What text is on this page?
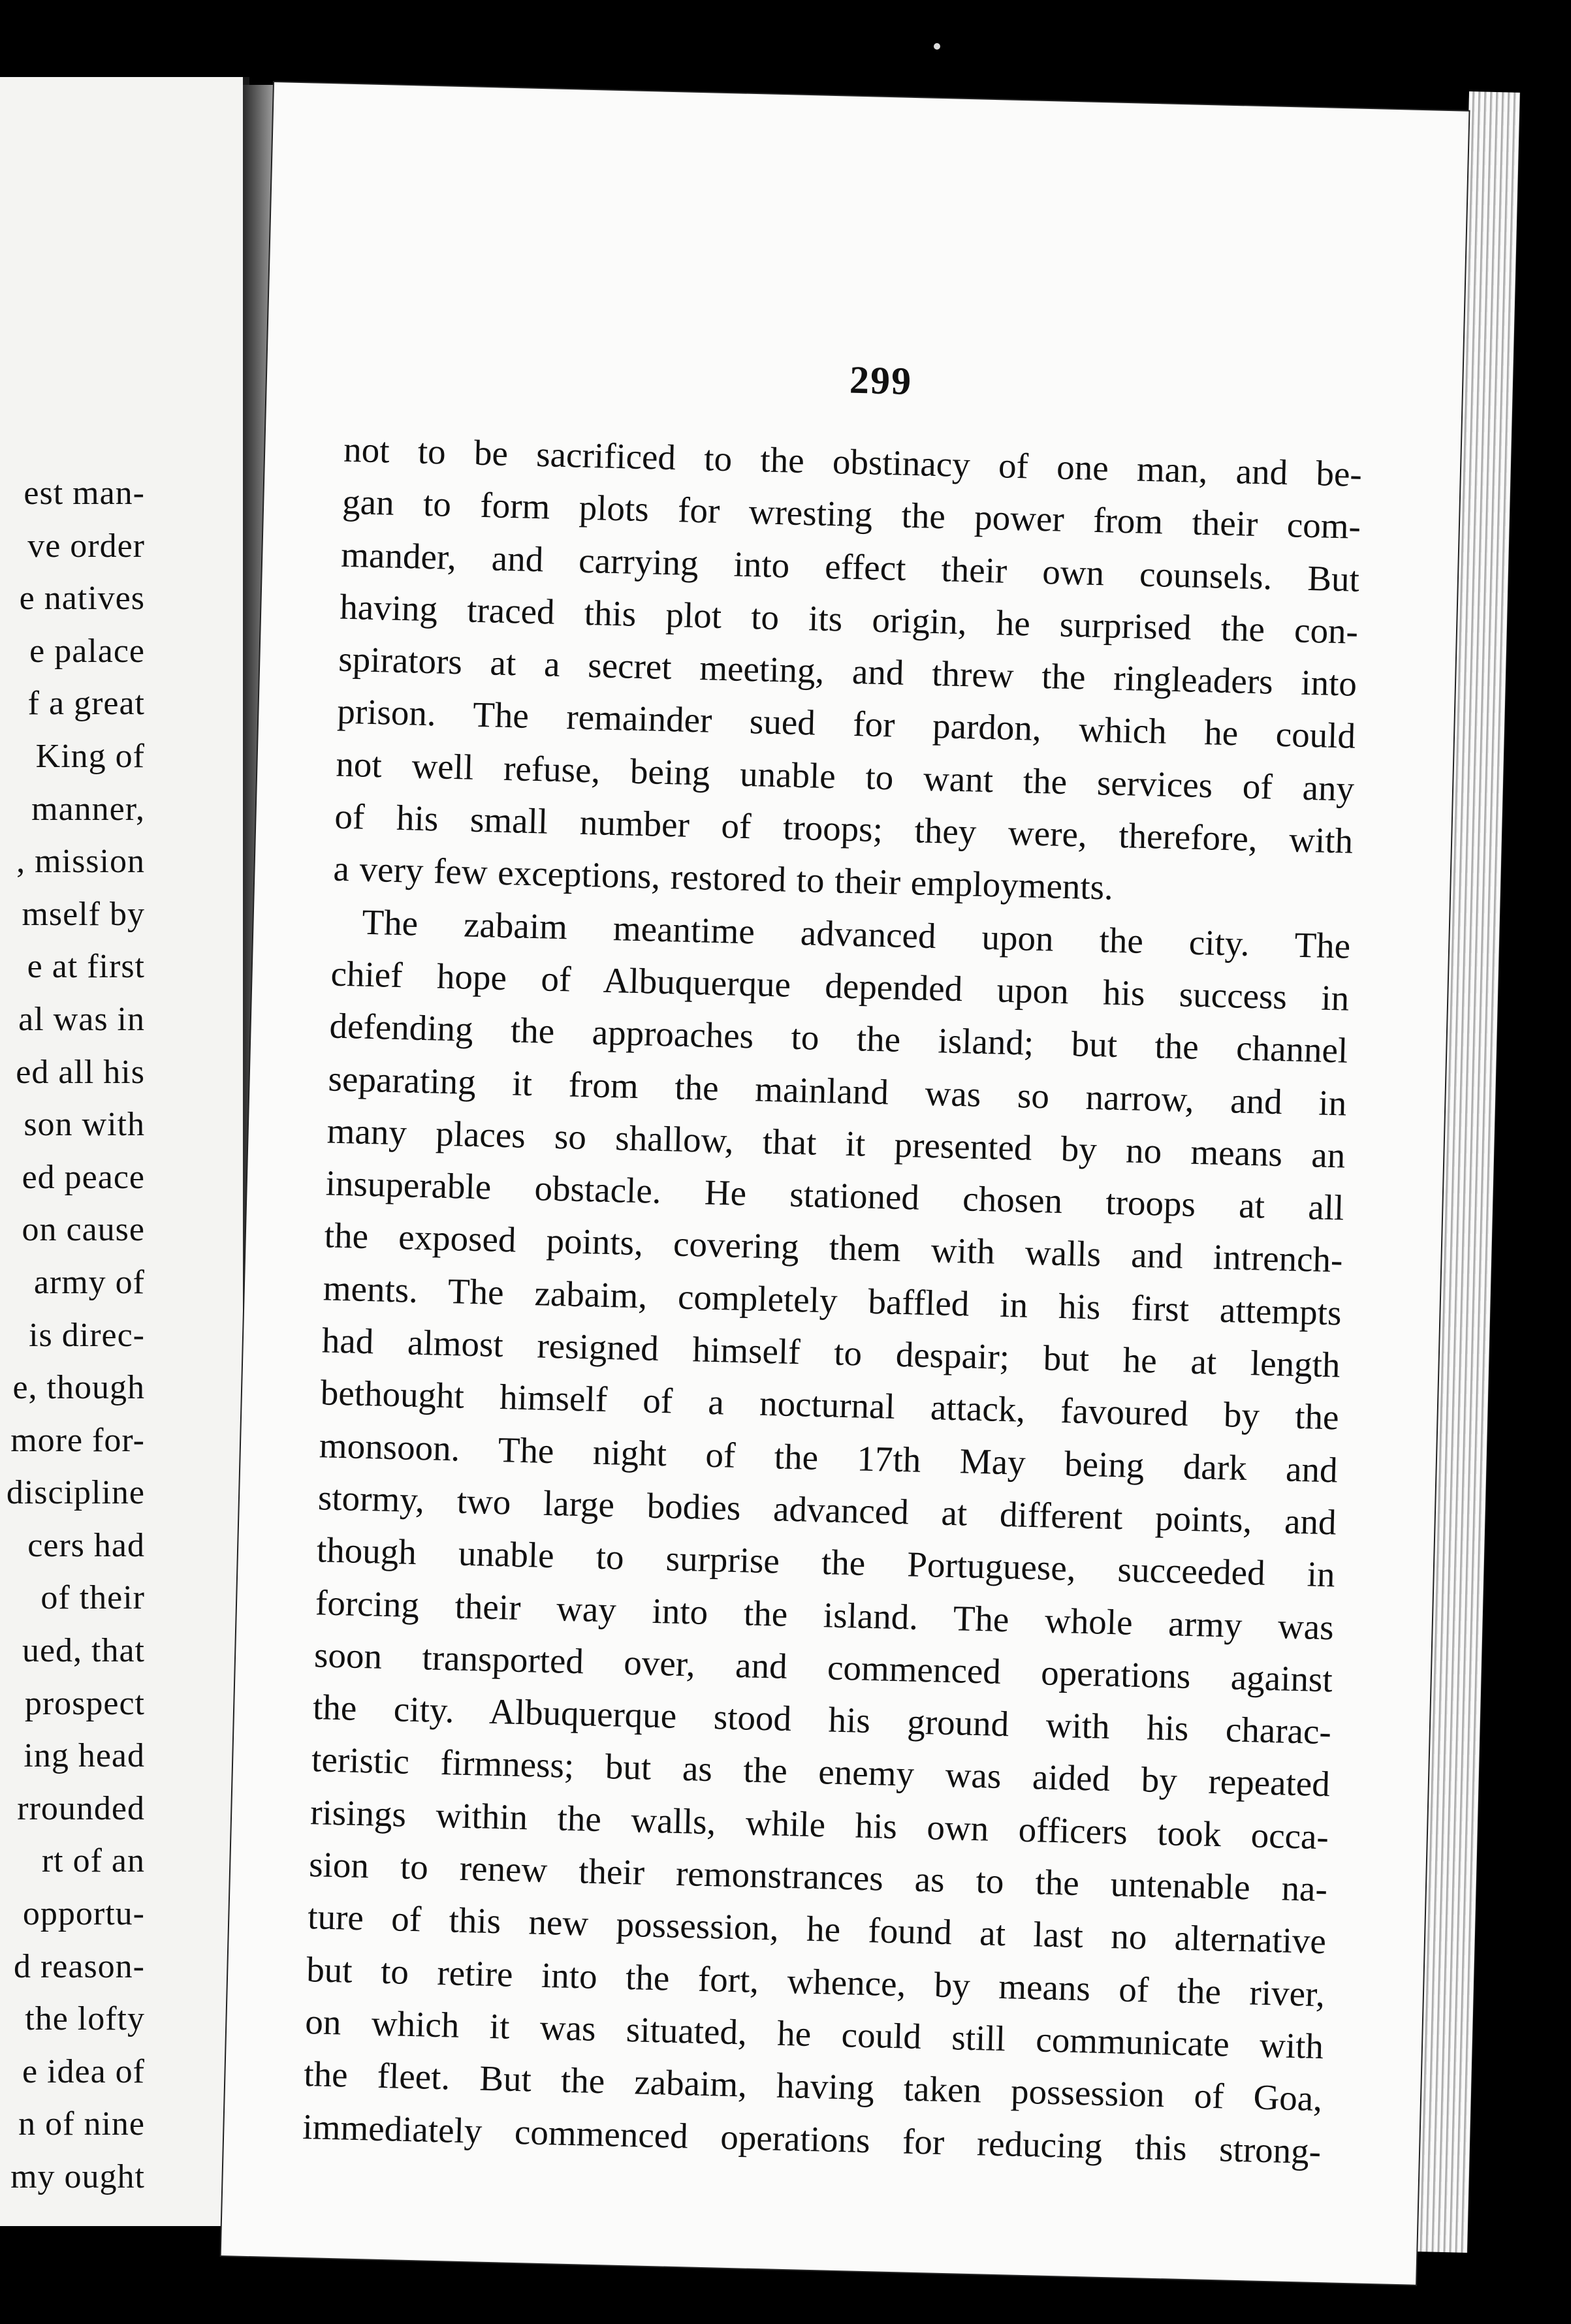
est man-
ve order
e natives
e palace
f a great
King of
manner,
, mission
mself by
e at first
al was in
ed all his
son with
ed peace
on cause
army of
is direc-
e, though
more for-
discipline
cers had
of their
ued, that
prospect
ing head
rrounded
rt of an
opportu-
d reason-
the lofty
e idea of
n of nine
my ought
299
not to be sacrificed to the obstinacy of one man, and be-
gan to form plots for wresting the power from their com-
mander, and carrying into effect their own counsels. But
having traced this plot to its origin, he surprised the con-
spirators at a secret meeting, and threw the ringleaders into
prison. The remainder sued for pardon, which he could
not well refuse, being unable to want the services of any
of his small number of troops; they were, therefore, with
a very few exceptions, restored to their employments.
The zabaim meantime advanced upon the city. The
chief hope of Albuquerque depended upon his success in
defending the approaches to the island; but the channel
separating it from the mainland was so narrow, and in
many places so shallow, that it presented by no means an
insuperable obstacle. He stationed chosen troops at all
the exposed points, covering them with walls and intrench-
ments. The zabaim, completely baffled in his first attempts
had almost resigned himself to despair; but he at length
bethought himself of a nocturnal attack, favoured by the
monsoon. The night of the 17th May being dark and
stormy, two large bodies advanced at different points, and
though unable to surprise the Portuguese, succeeded in
forcing their way into the island. The whole army was
soon transported over, and commenced operations against
the city. Albuquerque stood his ground with his charac-
teristic firmness; but as the enemy was aided by repeated
risings within the walls, while his own officers took occa-
sion to renew their remonstrances as to the untenable na-
ture of this new possession, he found at last no alternative
but to retire into the fort, whence, by means of the river,
on which it was situated, he could still communicate with
the fleet. But the zabaim, having taken possession of Goa,
immediately commenced operations for reducing this strong-
